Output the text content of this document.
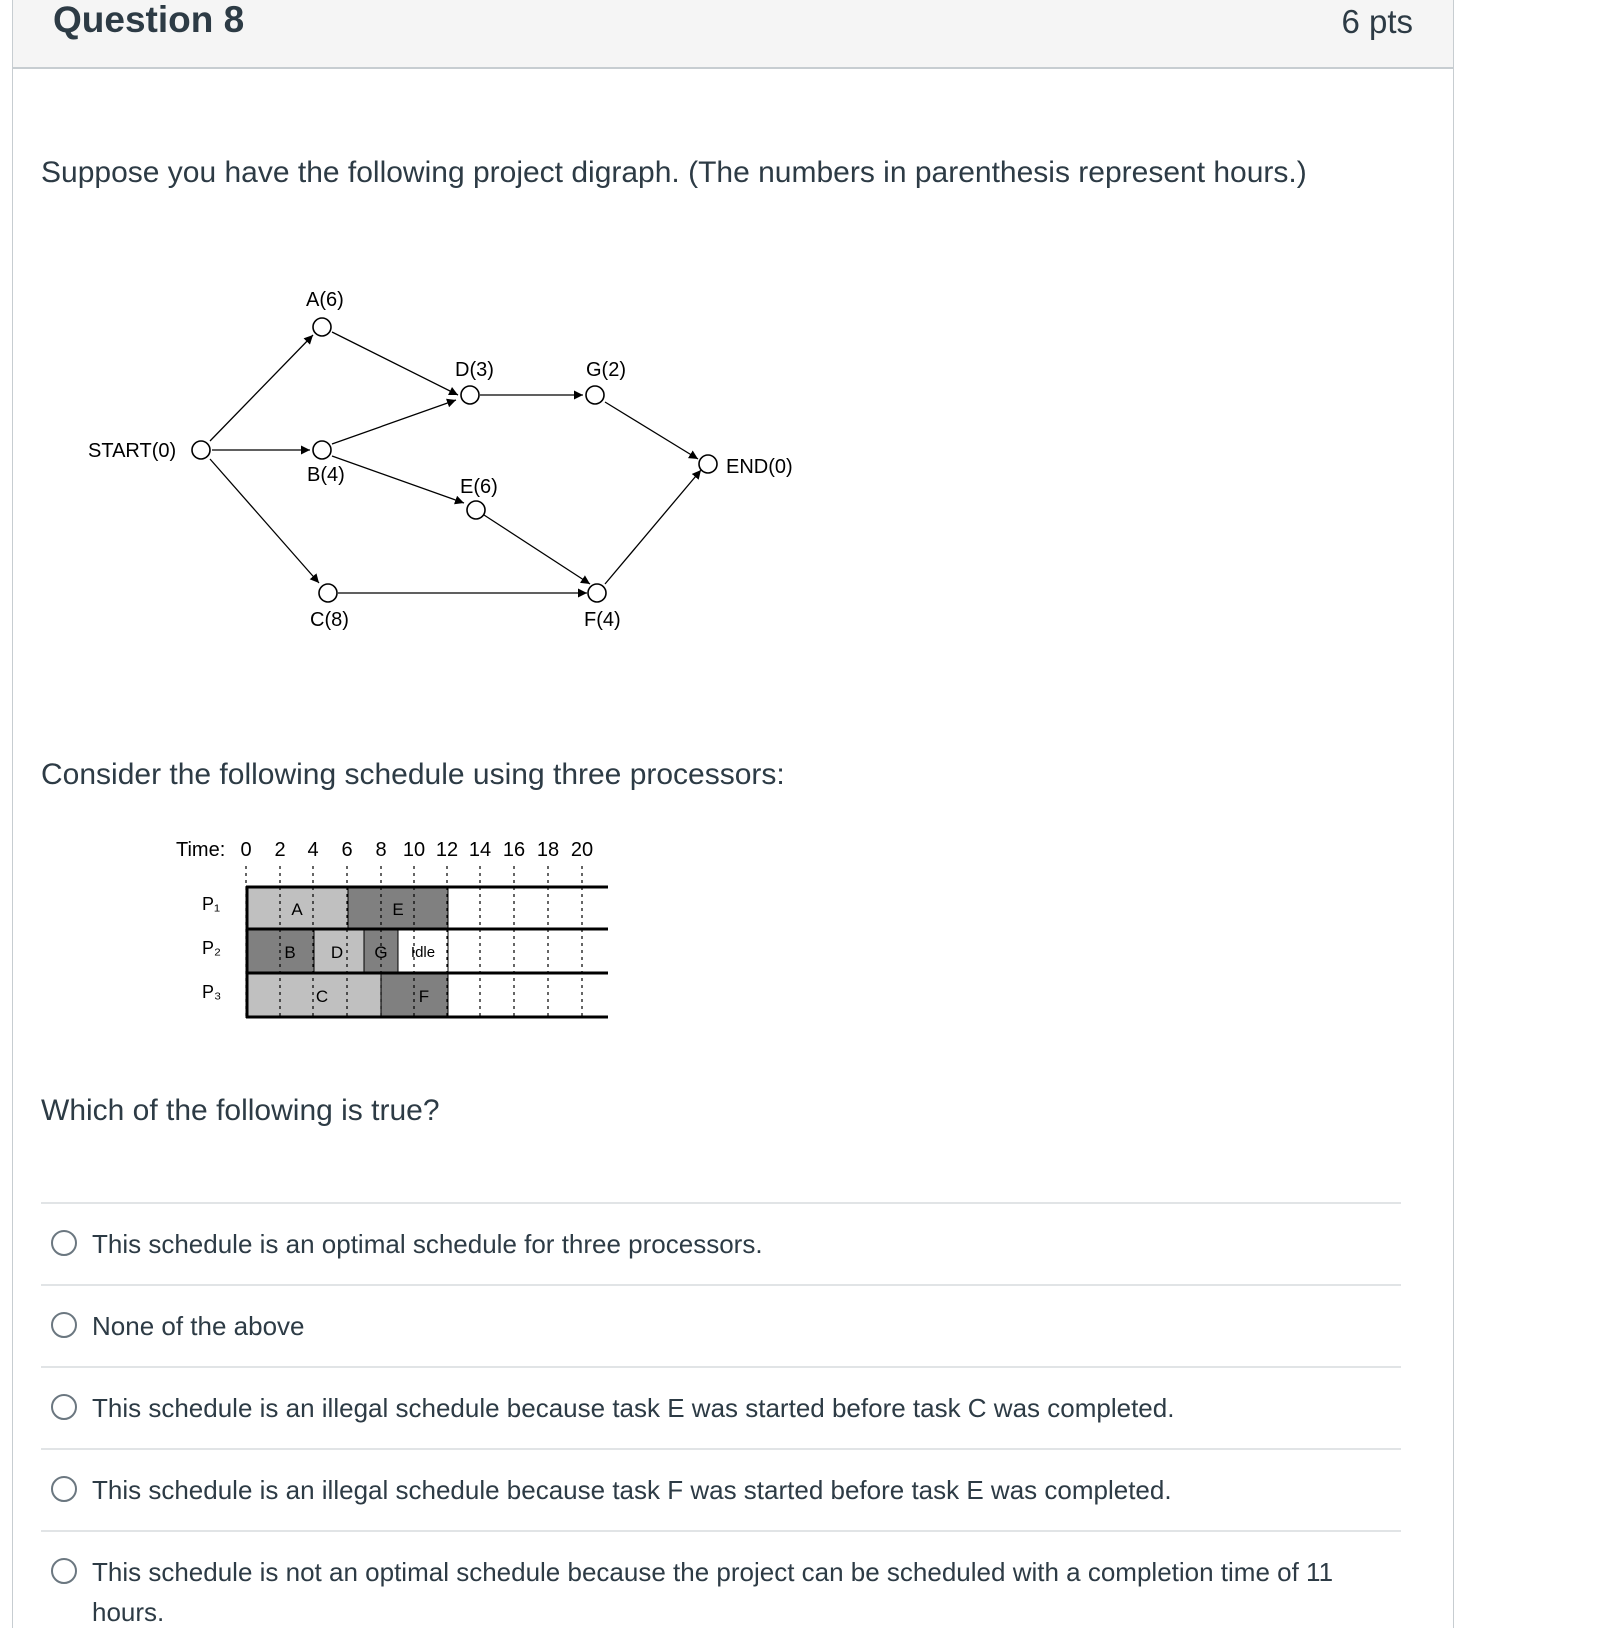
Question 8	6 pts
Suppose you have the following project digraph. (The numbers in parenthesis represent hours.)
START(0)
A(6)
B(4)
C(8)
D(3)
E(6)
F(4)
G(2)
END(0)
Consider the following schedule using three processors:
Time: 0 2 4 6 8 10 12 14 16 18 20
P₁
P₂
P₃
A	E
B D G Idle
C	F
Which of the following is true?
This schedule is an optimal schedule for three processors.
None of the above
This schedule is an illegal schedule because task E was started before task C was completed.
This schedule is an illegal schedule because task F was started before task E was completed.
This schedule is not an optimal schedule because the project can be scheduled with a completion time of 11 hours.
